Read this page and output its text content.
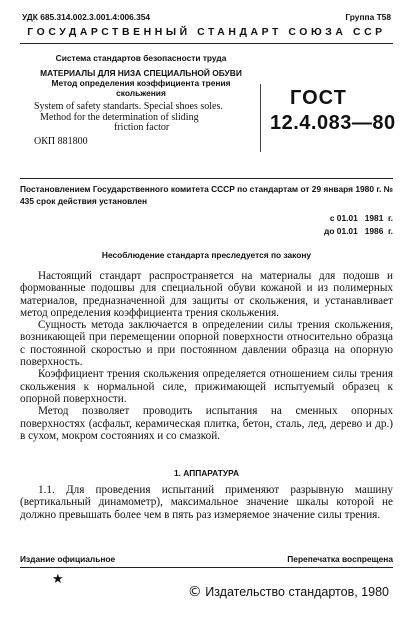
УДК 685.314.002.3.001.4:006.354	Группа Т58
ГОСУДАРСТВЕННЫЙ СТАНДАРТ СОЮЗА ССР
Система стандартов безопасности труда
МАТЕРИАЛЫ ДЛЯ НИЗА СПЕЦИАЛЬНОЙ ОБУВИ
Метод определения коэффициента трения
скольжения
System of safety standarts. Special shoes soles.
Method for the determination of sliding
friction factor
ОКП 881800
ГОСТ
12.4.083—80
Постановлением Государственного комитета СССР по стандартам от 29 января 1980 г. № 435 срок действия установлен
с 01.01   1981  г.
до 01.01   1986  г.
Несоблюдение стандарта преследуется по закону

Настоящий стандарт распространяется на материалы для подошв и формованные подошвы для специальной обуви кожаной и из полимерных материалов, предназначенной для защиты от скольжения, и устанавливает метод определения коэффициента трения скольжения.

Сущность метода заключается в определении силы трения скольжения, возникающей при перемещении опорной поверхности относительно образца с постоянной скоростью и при постоянном давлении образца на опорную поверхность.

Коэффициент трения скольжения определяется отношением силы трения скольжения к нормальной силе, прижимающей испытуемый образец к опорной поверхности.

Метод позволяет проводить испытания на сменных опорных поверхностях (асфальт, керамическая плитка, бетон, сталь, лед, дерево и др.) в сухом, мокром состояниях и со смазкой.

1. АППАРАТУРА

1.1. Для проведения испытаний применяют разрывную машину (вертикальный динамометр), максимальное значение шкалы которой не должно превышать более чем в пять раз измеряемое значение силы трения.

Издание официальное	Перепечатка воспрещена
★
© Издательство стандартов, 1980
